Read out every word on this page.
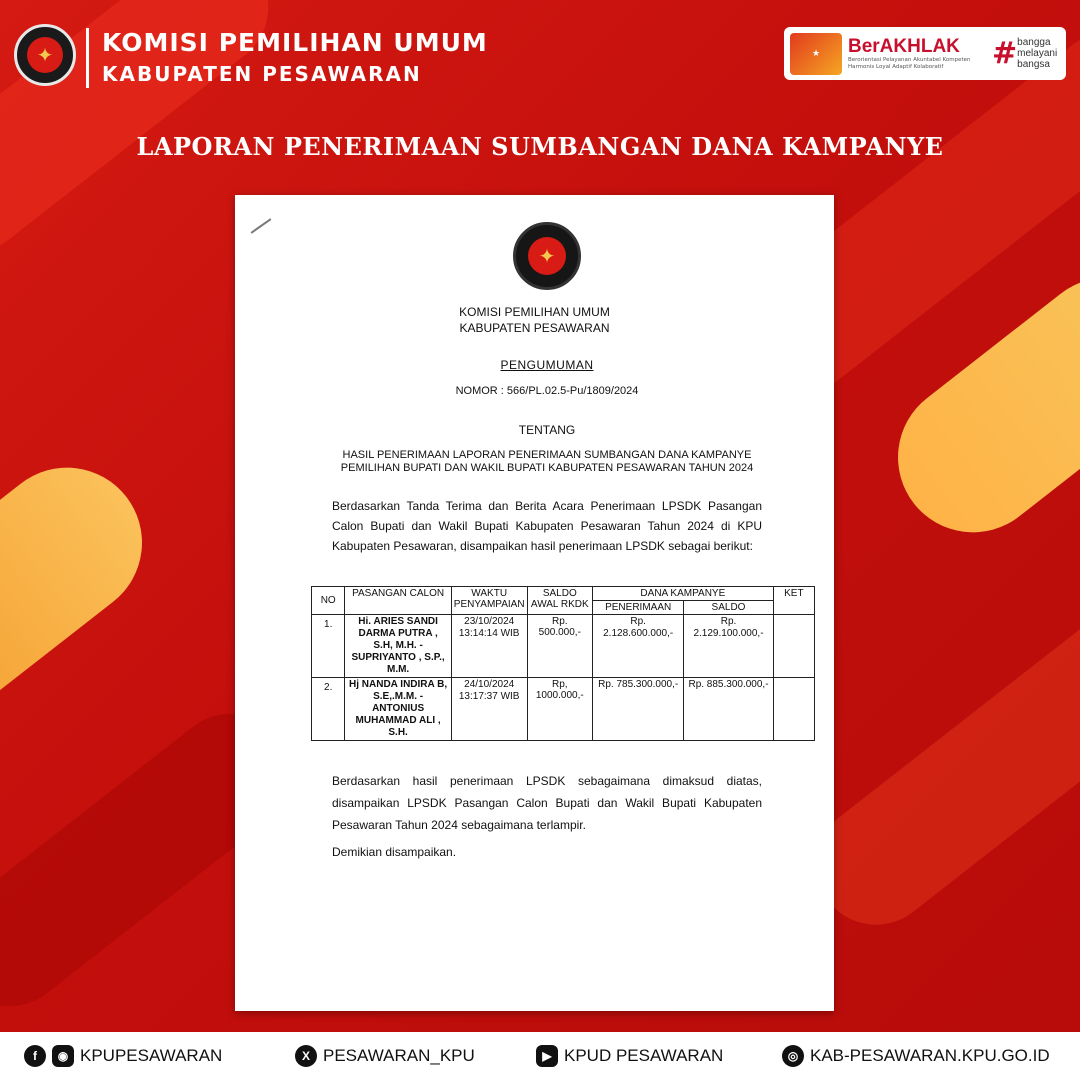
✦	KOMISI PEMILIHAN UMUM
KABUPATEN PESAWARAN
★	BerAKHLAK
Berorientasi Pelayanan Akuntabel Kompeten Harmonis Loyal Adaptif Kolaboratif	# bangga
melayani
bangsa
LAPORAN PENERIMAAN SUMBANGAN DANA KAMPANYE
✦
KOMISI PEMILIHAN UMUM
KABUPATEN PESAWARAN
PENGUMUMAN
NOMOR : 566/PL.02.5-Pu/1809/2024
TENTANG
HASIL PENERIMAAN LAPORAN PENERIMAAN SUMBANGAN DANA KAMPANYE PEMILIHAN BUPATI DAN WAKIL BUPATI KABUPATEN PESAWARAN TAHUN 2024
Berdasarkan Tanda Terima dan Berita Acara Penerimaan LPSDK Pasangan Calon Bupati dan Wakil Bupati Kabupaten Pesawaran Tahun 2024 di KPU Kabupaten Pesawaran, disampaikan hasil penerimaan LPSDK sebagai berikut:
NO	PASANGAN CALON	WAKTU PENYAMPAIAN	SALDO AWAL RKDK	DANA KAMPANYE		KET
				PENERIMAAN	SALDO	
1.	Hi. ARIES SANDI DARMA PUTRA , S.H, M.H. - SUPRIYANTO , S.P., M.M.	23/10/2024 13:14:14 WIB	Rp. 500.000,-	Rp. 2.128.600.000,-	Rp. 2.129.100.000,-	
2.	Hj NANDA INDIRA B, S.E,.M.M. - ANTONIUS MUHAMMAD ALI , S.H.	24/10/2024 13:17:37 WIB	Rp, 1000.000,-	Rp. 785.300.000,-	Rp. 885.300.000,-	
Berdasarkan hasil penerimaan LPSDK sebagaimana dimaksud diatas, disampaikan LPSDK Pasangan Calon Bupati dan Wakil Bupati Kabupaten Pesawaran Tahun 2024 sebagaimana terlampir.
Demikian disampaikan.
f	◉ KPUPESAWARAN	X PESAWARAN_KPU	▶ KPUD PESAWARAN	◎ KAB-PESAWARAN.KPU.GO.ID
